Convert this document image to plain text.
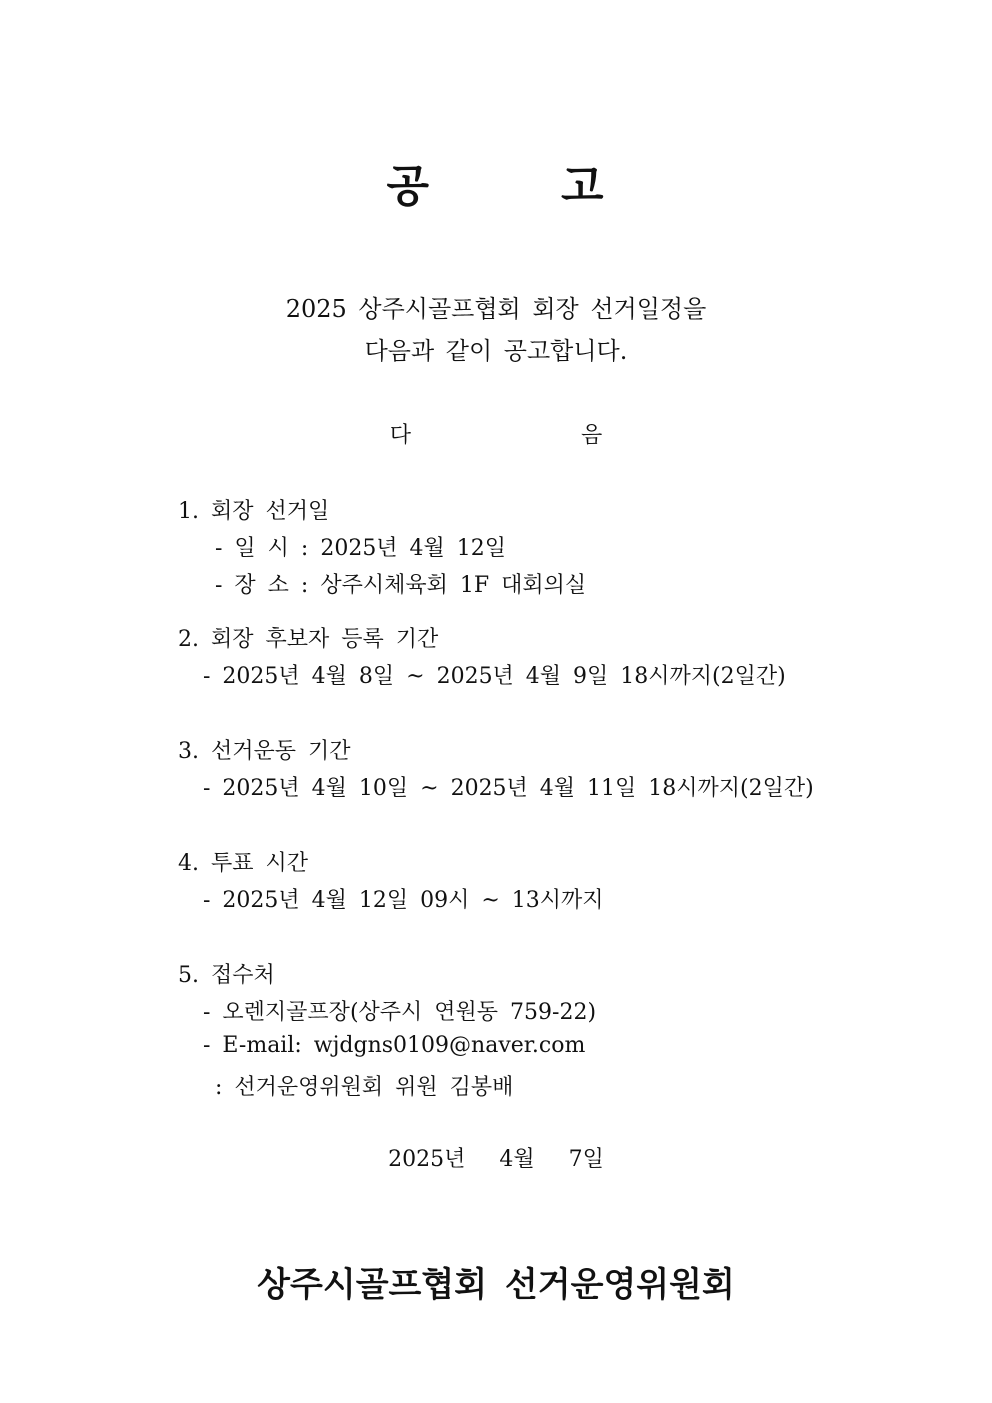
공	고
2025 상주시골프협회 회장 선거일정을
다음과 같이 공고합니다.
다	음
1. 회장 선거일
- 일 시 : 2025년 4월 12일
- 장 소 : 상주시체육회 1F 대회의실
2. 회장 후보자 등록 기간
- 2025년 4월 8일 ~ 2025년 4월 9일 18시까지(2일간)
3. 선거운동 기간
- 2025년 4월 10일 ~ 2025년 4월 11일 18시까지(2일간)
4. 투표 시간
- 2025년 4월 12일 09시 ~ 13시까지
5. 접수처
- 오렌지골프장(상주시 연원동 759-22)
- E-mail: wjdgns0109@naver.com
: 선거운영위원회 위원 김봉배
2025년 4월 7일
상주시골프협회 선거운영위원회
